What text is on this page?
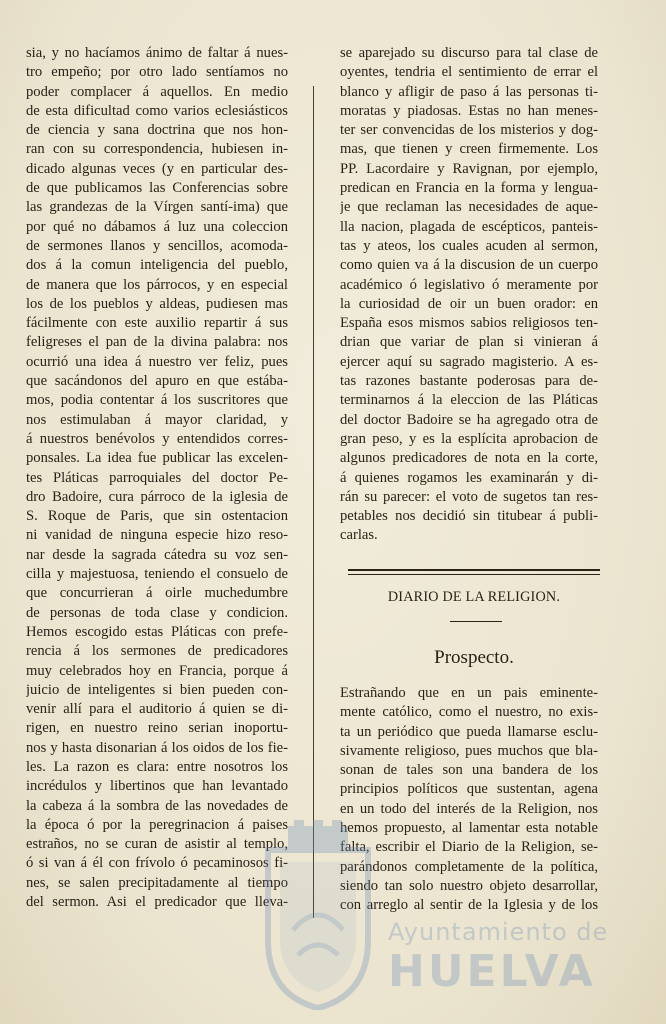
sia, y no hacíamos ánimo de faltar á nues-
tro empeño; por otro lado sentíamos no
poder complacer á aquellos. En medio
de esta dificultad como varios eclesiásticos
de ciencia y sana doctrina que nos hon-
ran con su correspondencia, hubiesen in-
dicado algunas veces (y en particular des-
de que publicamos las Conferencias sobre
las grandezas de la Vírgen santí-ima) que
por qué no dábamos á luz una coleccion
de sermones llanos y sencillos, acomoda-
dos á la comun inteligencia del pueblo,
de manera que los párrocos, y en especial
los de los pueblos y aldeas, pudiesen mas
fácilmente con este auxilio repartir á sus
feligreses el pan de la divina palabra: nos
ocurrió una idea á nuestro ver feliz, pues
que sacándonos del apuro en que estába-
mos, podia contentar á los suscritores que
nos estimulaban á mayor claridad, y
á nuestros benévolos y entendidos corres-
ponsales. La idea fue publicar las excelen-
tes Pláticas parroquiales del doctor Pe-
dro Badoire, cura párroco de la iglesia de
S. Roque de Paris, que sin ostentacion
ni vanidad de ninguna especie hizo reso-
nar desde la sagrada cátedra su voz sen-
cilla y majestuosa, teniendo el consuelo de
que concurrieran á oirle muchedumbre
de personas de toda clase y condicion.
Hemos escogido estas Pláticas con prefe-
rencia á los sermones de predicadores
muy celebrados hoy en Francia, porque á
juicio de inteligentes si bien pueden con-
venir allí para el auditorio á quien se di-
rigen, en nuestro reino serian inoportu-
nos y hasta disonarian á los oidos de los fie-
les. La razon es clara: entre nosotros los
incrédulos y libertinos que han levantado
la cabeza á la sombra de las novedades de
la época ó por la peregrinacion á paises
estraños, no se curan de asistir al templo,
ó si van á él con frívolo ó pecaminosos fi-
nes, se salen precipitadamente al tiempo
del sermon. Asi el predicador que lleva-
se aparejado su discurso para tal clase de
oyentes, tendria el sentimiento de errar el
blanco y afligir de paso á las personas ti-
moratas y piadosas. Estas no han menes-
ter ser convencidas de los misterios y dog-
mas, que tienen y creen firmemente. Los
PP. Lacordaire y Ravignan, por ejemplo,
predican en Francia en la forma y lengua-
je que reclaman las necesidades de aque-
lla nacion, plagada de escépticos, panteis-
tas y ateos, los cuales acuden al sermon,
como quien va á la discusion de un cuerpo
académico ó legislativo ó meramente por
la curiosidad de oir un buen orador: en
España esos mismos sabios religiosos ten-
drian que variar de plan si vinieran á
ejercer aquí su sagrado magisterio. A es-
tas razones bastante poderosas para de-
terminarnos á la eleccion de las Pláticas
del doctor Badoire se ha agregado otra de
gran peso, y es la esplícita aprobacion de
algunos predicadores de nota en la corte,
á quienes rogamos les examinarán y di-
rán su parecer: el voto de sugetos tan res-
petables nos decidió sin titubear á publi-
carlas.
DIARIO DE LA RELIGION.
Prospecto.
Estrañando que en un pais eminente-
mente católico, como el nuestro, no exis-
ta un periódico que pueda llamarse esclu-
sivamente religioso, pues muchos que bla-
sonan de tales son una bandera de los
principios políticos que sustentan, agena
en un todo del interés de la Religion, nos
hemos propuesto, al lamentar esta notable
falta, escribir el Diario de la Religion, se-
parándonos completamente de la política,
siendo tan solo nuestro objeto desarrollar,
con arreglo al sentir de la Iglesia y de los
Ayuntamiento de
HUELVA
